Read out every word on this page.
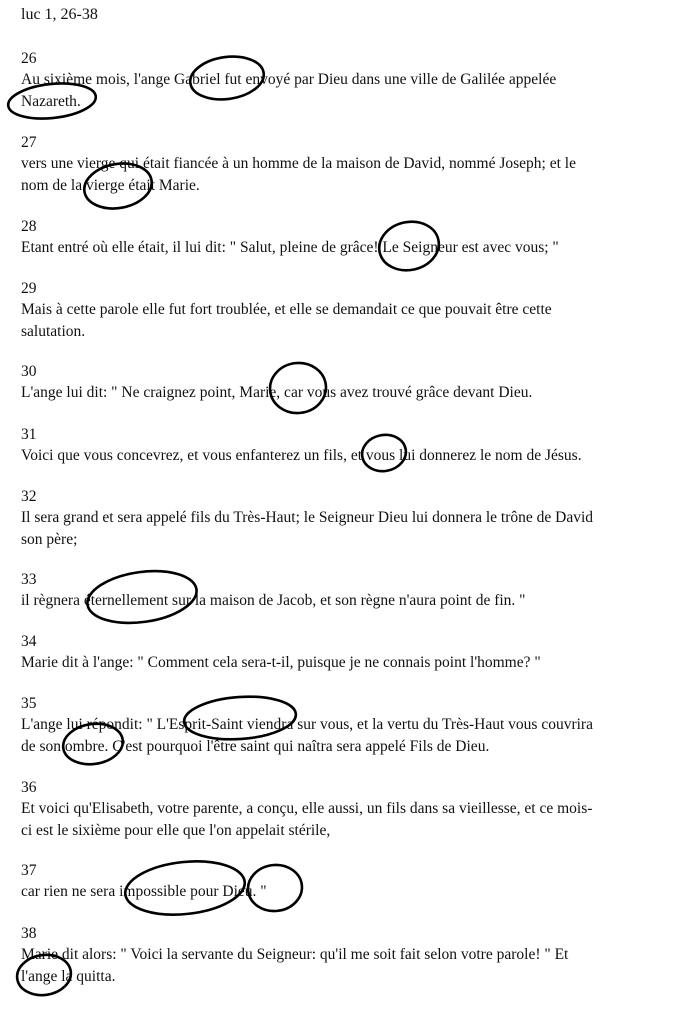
luc 1, 26-38

26
Au sixième mois, l'ange Gabriel fut envoyé par Dieu dans une ville de Galilée appelée
Nazareth.
27
vers une vierge qui était fiancée à un homme de la maison de David, nommé Joseph; et le
nom de la vierge était Marie.
28
Etant entré où elle était, il lui dit: " Salut, pleine de grâce! Le Seigneur est avec vous; "
29
Mais à cette parole elle fut fort troublée, et elle se demandait ce que pouvait être cette
salutation.
30
L'ange lui dit: " Ne craignez point, Marie, car vous avez trouvé grâce devant Dieu.
31
Voici que vous concevrez, et vous enfanterez un fils, et vous lui donnerez le nom de Jésus.
32
Il sera grand et sera appelé fils du Très-Haut; le Seigneur Dieu lui donnera le trône de David
son père;
33
il règnera éternellement sur la maison de Jacob, et son règne n'aura point de fin. "
34
Marie dit à l'ange: " Comment cela sera-t-il, puisque je ne connais point l'homme? "
35
L'ange lui répondit: " L'Esprit-Saint viendra sur vous, et la vertu du Très-Haut vous couvrira
de son ombre. C'est pourquoi l'être saint qui naîtra sera appelé Fils de Dieu.
36
Et voici qu'Elisabeth, votre parente, a conçu, elle aussi, un fils dans sa vieillesse, et ce mois-
ci est le sixième pour elle que l'on appelait stérile,
37
car rien ne sera impossible pour Dieu. "
38
Marie dit alors: " Voici la servante du Seigneur: qu'il me soit fait selon votre parole! " Et
l'ange la quitta.
